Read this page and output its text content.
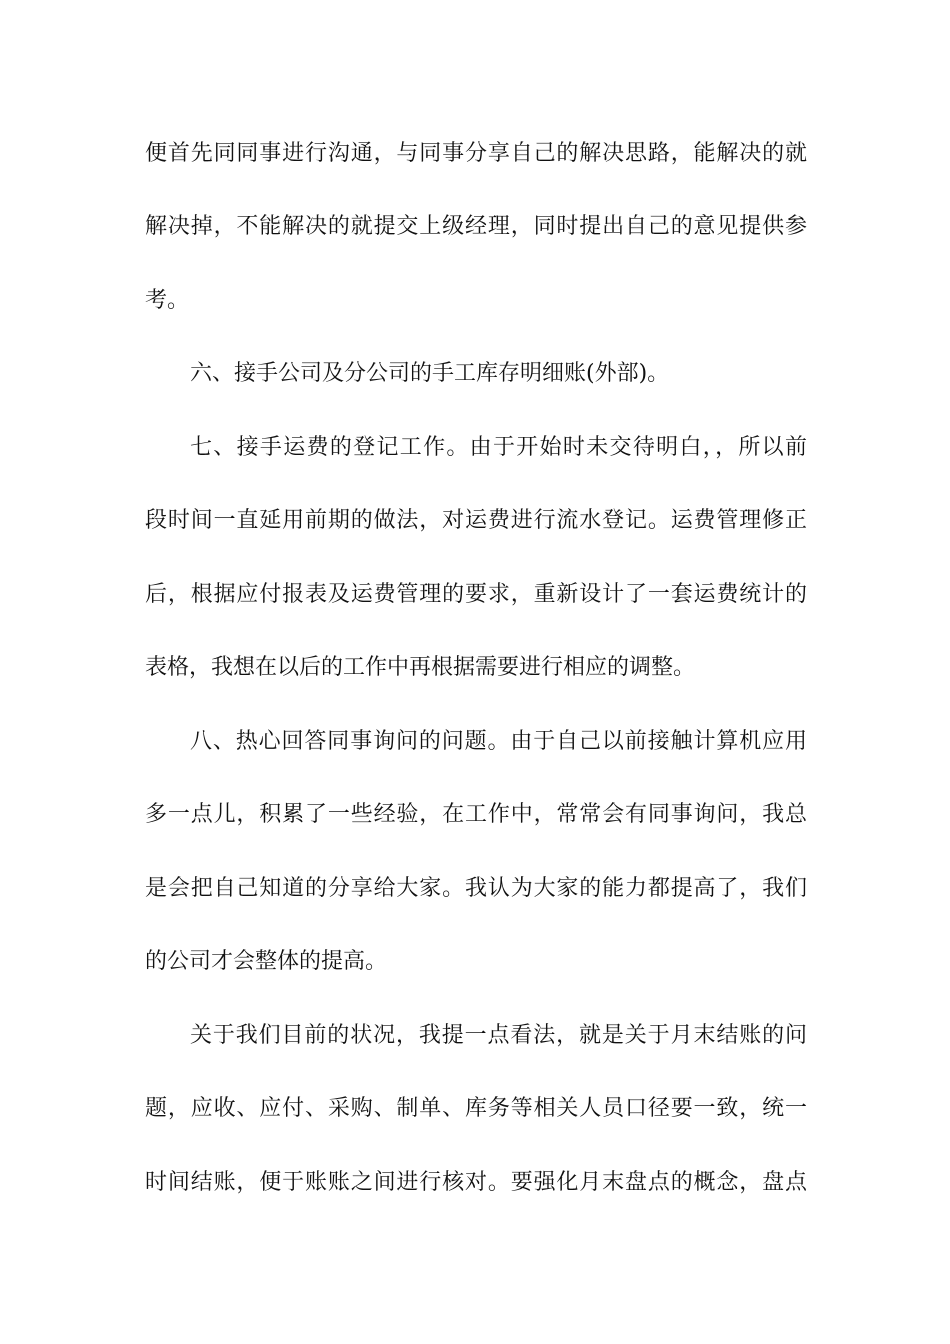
便首先同同事进行沟通，与同事分享自己的解决思路，能解决的就
解决掉，不能解决的就提交上级经理，同时提出自己的意见提供参
考。
六、接手公司及分公司的手工库存明细账(外部)。
七、接手运费的登记工作。由于开始时未交待明白，，所以前
段时间一直延用前期的做法，对运费进行流水登记。运费管理修正
后，根据应付报表及运费管理的要求，重新设计了一套运费统计的
表格，我想在以后的工作中再根据需要进行相应的调整。
八、热心回答同事询问的问题。由于自己以前接触计算机应用
多一点儿，积累了一些经验，在工作中，常常会有同事询问，我总
是会把自己知道的分享给大家。我认为大家的能力都提高了，我们
的公司才会整体的提高。
关于我们目前的状况，我提一点看法，就是关于月末结账的问
题，应收、应付、采购、制单、库务等相关人员口径要一致，统一
时间结账，便于账账之间进行核对。要强化月末盘点的概念，盘点
